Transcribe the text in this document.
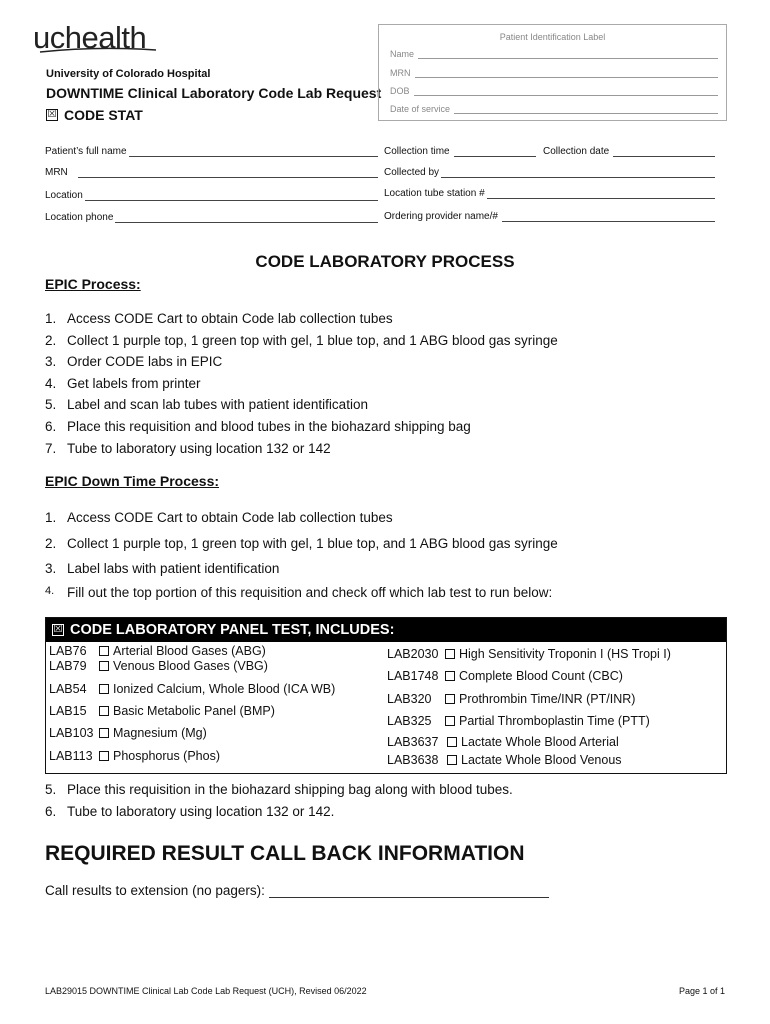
uchealth
University of Colorado Hospital
DOWNTIME Clinical Laboratory Code Lab Request
☒ CODE STAT
Patient Identification Label
Name
MRN
DOB
Date of service
Patient’s full name
MRN
Location
Location phone
Collection time	Collection date
Collected by
Location tube station #
Ordering provider name/#
CODE LABORATORY PROCESS
EPIC Process:
1. Access CODE Cart to obtain Code lab collection tubes
2. Collect 1 purple top, 1 green top with gel, 1 blue top, and 1 ABG blood gas syringe
3. Order CODE labs in EPIC
4. Get labels from printer
5. Label and scan lab tubes with patient identification
6. Place this requisition and blood tubes in the biohazard shipping bag
7. Tube to laboratory using location 132 or 142
EPIC Down Time Process:
1. Access CODE Cart to obtain Code lab collection tubes
2. Collect 1 purple top, 1 green top with gel, 1 blue top, and 1 ABG blood gas syringe
3. Label labs with patient identification
4. Fill out the top portion of this requisition and check off which lab test to run below:
☒ CODE LABORATORY PANEL TEST, INCLUDES:
LAB76	Arterial Blood Gases (ABG)
LAB79	Venous Blood Gases (VBG)
LAB54	Ionized Calcium, Whole Blood (ICA WB)
LAB15	Basic Metabolic Panel (BMP)
LAB103	Magnesium (Mg)
LAB113	Phosphorus (Phos)
LAB2030	High Sensitivity Troponin I (HS Tropi I)
LAB1748	Complete Blood Count (CBC)
LAB320	Prothrombin Time/INR (PT/INR)
LAB325	Partial Thromboplastin Time (PTT)
LAB3637	Lactate Whole Blood Arterial
LAB3638	Lactate Whole Blood Venous
5. Place this requisition in the biohazard shipping bag along with blood tubes.
6. Tube to laboratory using location 132 or 142.
REQUIRED RESULT CALL BACK INFORMATION
Call results to extension (no pagers):
LAB29015 DOWNTIME Clinical Lab Code Lab Request (UCH), Revised 06/2022	Page 1 of 1
